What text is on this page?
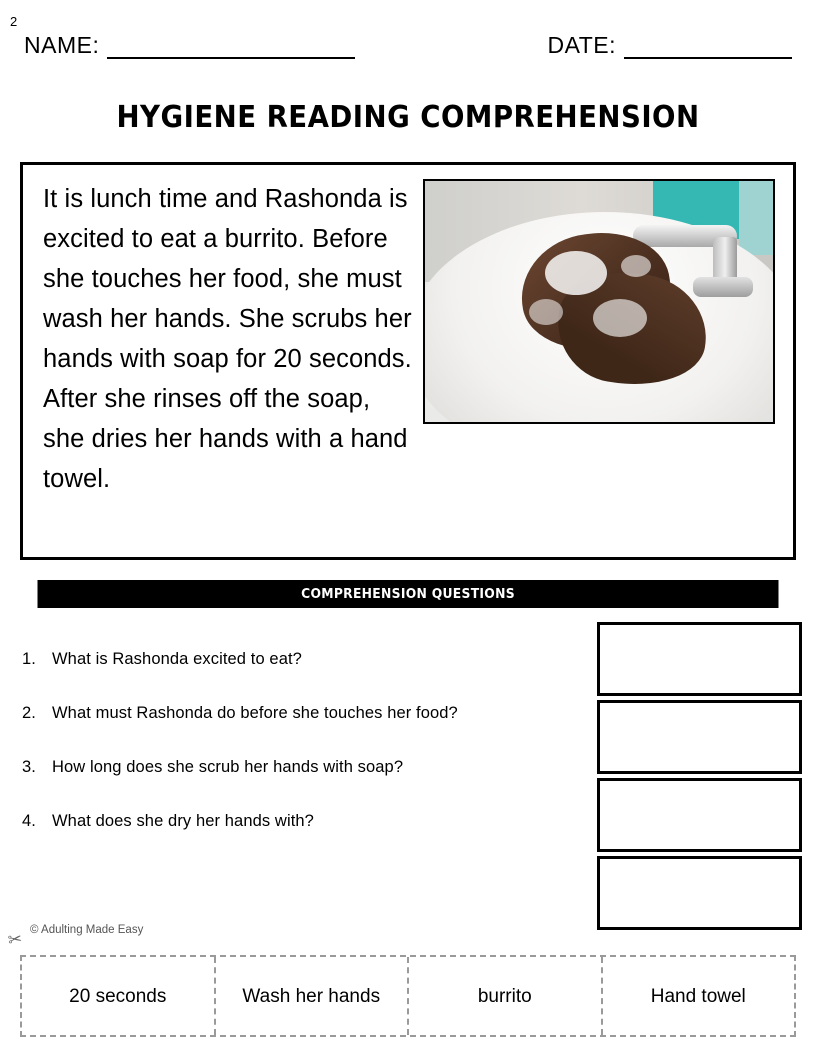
2
NAME:	DATE:
HYGIENE READING COMPREHENSION
It is lunch time and Rashonda is excited to eat a burrito. Before she touches her food, she must wash her hands. She scrubs her hands with soap for 20 seconds. After she rinses off the soap, she dries her hands with a hand towel.
COMPREHENSION QUESTIONS
1. What is Rashonda excited to eat?
2. What must Rashonda do before she touches her food?
3. How long does she scrub her hands with soap?
4. What does she dry her hands with?
✂ © Adulting Made Easy
20 seconds	Wash her hands	burrito	Hand towel
